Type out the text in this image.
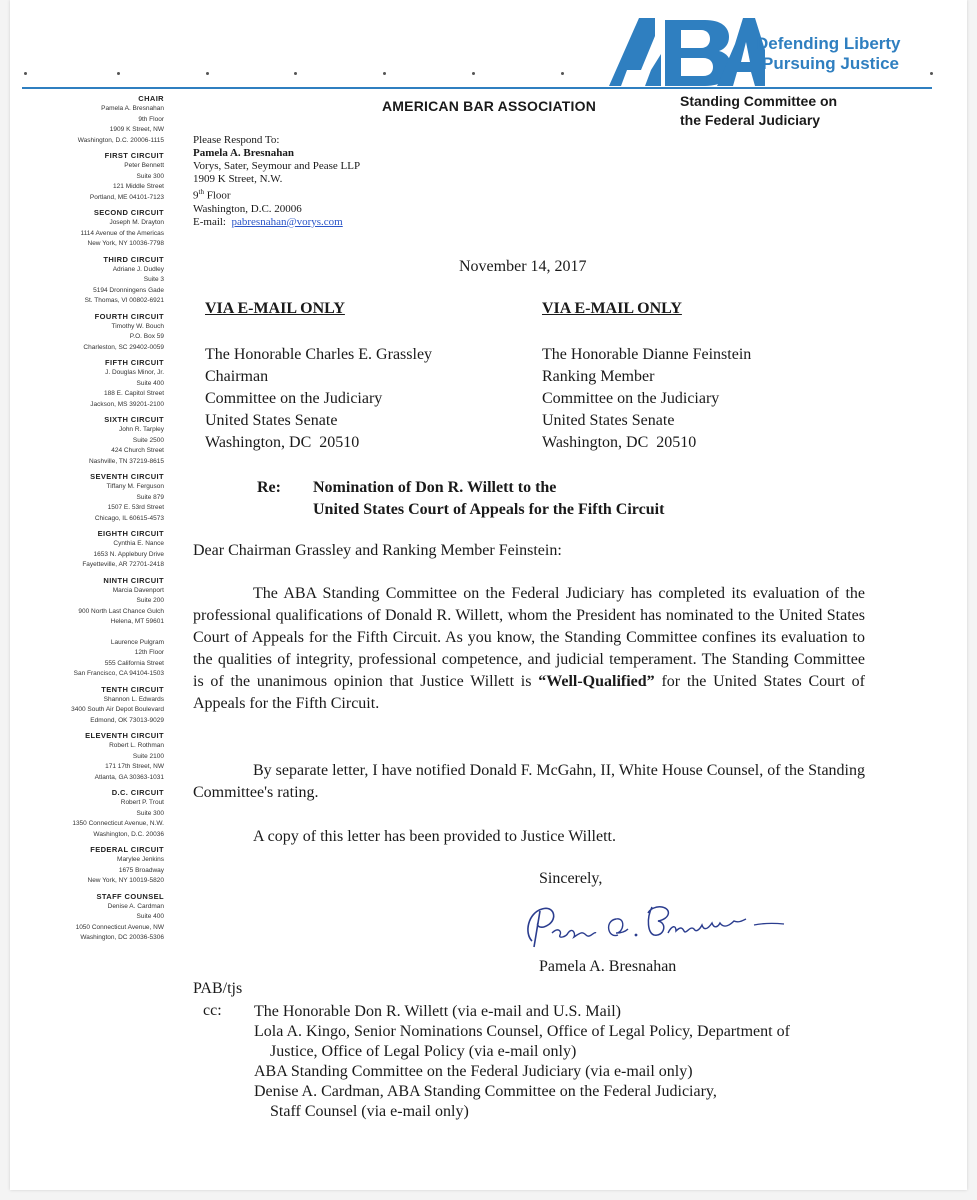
Defending Liberty
Pursuing Justice
AMERICAN BAR ASSOCIATION	Standing Committee on
the Federal Judiciary
CHAIR
Pamela A. Bresnahan
9th Floor
1909 K Street, NW
Washington, D.C. 20006-1115
FIRST CIRCUIT
Peter Bennett
Suite 300
121 Middle Street
Portland, ME 04101-7123
SECOND CIRCUIT
Joseph M. Drayton
1114 Avenue of the Americas
New York, NY 10036-7798
THIRD CIRCUIT
Adriane J. Dudley
Suite 3
5194 Dronningens Gade
St. Thomas, VI 00802-6921
FOURTH CIRCUIT
Timothy W. Bouch
P.O. Box 59
Charleston, SC 29402-0059
FIFTH CIRCUIT
J. Douglas Minor, Jr.
Suite 400
188 E. Capitol Street
Jackson, MS 39201-2100
SIXTH CIRCUIT
John R. Tarpley
Suite 2500
424 Church Street
Nashville, TN 37219-8615
SEVENTH CIRCUIT
Tiffany M. Ferguson
Suite 879
1507 E. 53rd Street
Chicago, IL 60615-4573
EIGHTH CIRCUIT
Cynthia E. Nance
1653 N. Applebury Drive
Fayetteville, AR 72701-2418
NINTH CIRCUIT
Marcia Davenport
Suite 200
900 North Last Chance Gulch
Helena, MT 59601
Laurence Pulgram
12th Floor
555 California Street
San Francisco, CA 94104-1503
TENTH CIRCUIT
Shannon L. Edwards
3400 South Air Depot Boulevard
Edmond, OK 73013-9029
ELEVENTH CIRCUIT
Robert L. Rothman
Suite 2100
171 17th Street, NW
Atlanta, GA 30363-1031
D.C. CIRCUIT
Robert P. Trout
Suite 300
1350 Connecticut Avenue, N.W.
Washington, D.C. 20036
FEDERAL CIRCUIT
Marylee Jenkins
1675 Broadway
New York, NY 10019-5820
STAFF COUNSEL
Denise A. Cardman
Suite 400
1050 Connecticut Avenue, NW
Washington, DC 20036-5306
Please Respond To:
Pamela A. Bresnahan
Vorys, Sater, Seymour and Pease LLP
1909 K Street, N.W.
9th Floor
Washington, D.C. 20006
E-mail:  pabresnahan@vorys.com
November 14, 2017
VIA E-MAIL ONLY	VIA E-MAIL ONLY
The Honorable Charles E. Grassley
Chairman
Committee on the Judiciary
United States Senate
Washington, DC  20510
The Honorable Dianne Feinstein
Ranking Member
Committee on the Judiciary
United States Senate
Washington, DC  20510
Re: Nomination of Don R. Willett to the
United States Court of Appeals for the Fifth Circuit
Dear Chairman Grassley and Ranking Member Feinstein:
The ABA Standing Committee on the Federal Judiciary has completed its evaluation of the professional qualifications of Donald R. Willett, whom the President has nominated to the United States Court of Appeals for the Fifth Circuit. As you know, the Standing Committee confines its evaluation to the qualities of integrity, professional competence, and judicial temperament. The Standing Committee is of the unanimous opinion that Justice Willett is “Well-Qualified” for the United States Court of Appeals for the Fifth Circuit.
By separate letter, I have notified Donald F. McGahn, II, White House Counsel, of the Standing Committee's rating.
A copy of this letter has been provided to Justice Willett.
Sincerely,
Pamela A. Bresnahan
PAB/tjs
cc: The Honorable Don R. Willett (via e-mail and U.S. Mail)
Lola A. Kingo, Senior Nominations Counsel, Office of Legal Policy, Department of
Justice, Office of Legal Policy (via e-mail only)
ABA Standing Committee on the Federal Judiciary (via e-mail only)
Denise A. Cardman, ABA Standing Committee on the Federal Judiciary,
Staff Counsel (via e-mail only)
